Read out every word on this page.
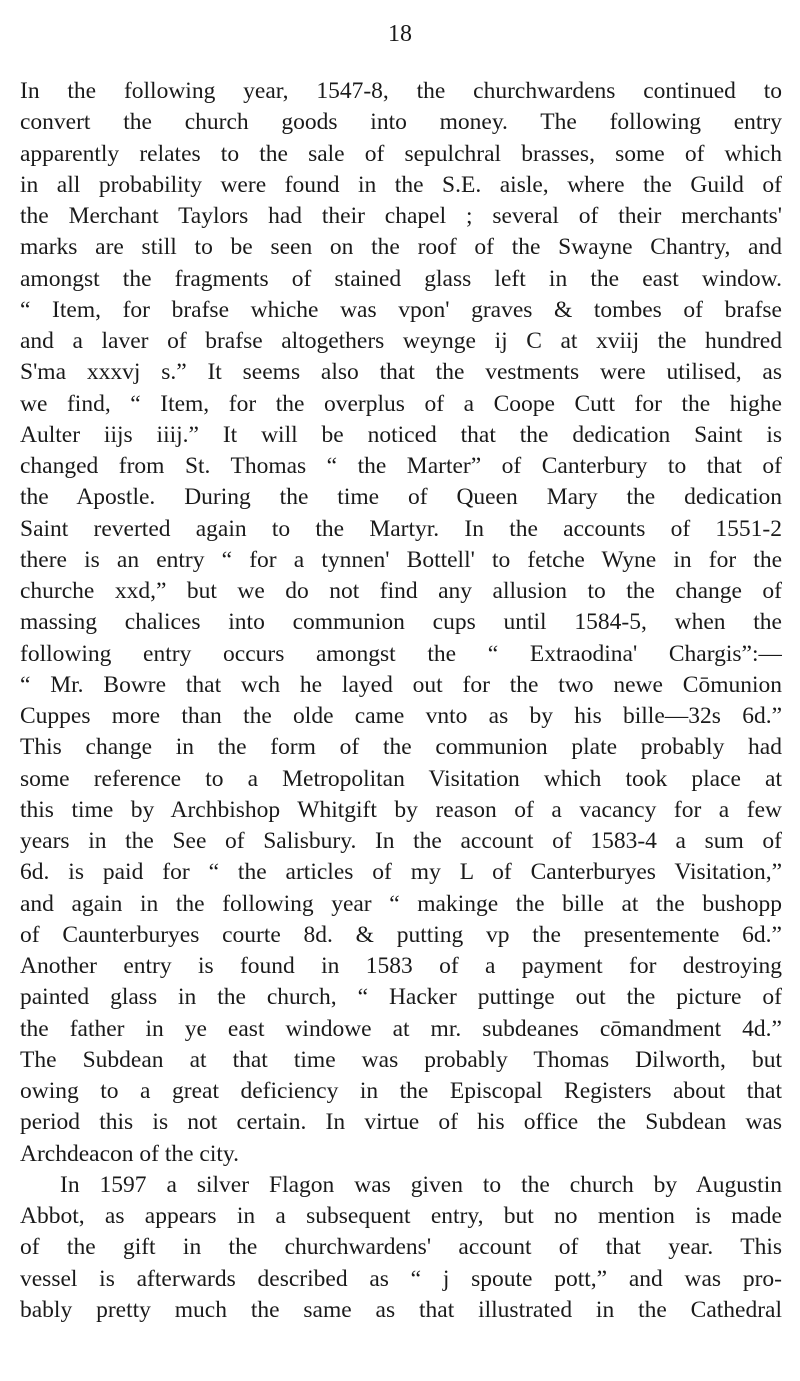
18
In the following year, 1547-8, the churchwardens continued to
convert the church goods into money. The following entry
apparently relates to the sale of sepulchral brasses, some of which
in all probability were found in the S.E. aisle, where the Guild of
the Merchant Taylors had their chapel ; several of their merchants'
marks are still to be seen on the roof of the Swayne Chantry, and
amongst the fragments of stained glass left in the east window.
“ Item, for brafse whiche was vpon' graves & tombes of brafse
and a laver of brafse altogethers weynge ij C at xviij the hundred
S'ma xxxvj s.” It seems also that the vestments were utilised, as
we find, “ Item, for the overplus of a Coope Cutt for the highe
Aulter iijs iiij.” It will be noticed that the dedication Saint is
changed from St. Thomas “ the Marter” of Canterbury to that of
the Apostle. During the time of Queen Mary the dedication
Saint reverted again to the Martyr. In the accounts of 1551-2
there is an entry “ for a tynnen' Bottell' to fetche Wyne in for the
churche xxd,” but we do not find any allusion to the change of
massing chalices into communion cups until 1584-5, when the
following entry occurs amongst the “ Extraodina' Chargis”:—
“ Mr. Bowre that wch he layed out for the two newe Cōmunion
Cuppes more than the olde came vnto as by his bille—32s 6d.”
This change in the form of the communion plate probably had
some reference to a Metropolitan Visitation which took place at
this time by Archbishop Whitgift by reason of a vacancy for a few
years in the See of Salisbury. In the account of 1583-4 a sum of
6d. is paid for “ the articles of my L of Canterburyes Visitation,”
and again in the following year “ makinge the bille at the bushopp
of Caunterburyes courte 8d. & putting vp the presentemente 6d.”
Another entry is found in 1583 of a payment for destroying
painted glass in the church, “ Hacker puttinge out the picture of
the father in ye east windowe at mr. subdeanes cōmandment 4d.”
The Subdean at that time was probably Thomas Dilworth, but
owing to a great deficiency in the Episcopal Registers about that
period this is not certain. In virtue of his office the Subdean was
Archdeacon of the city.
In 1597 a silver Flagon was given to the church by Augustin
Abbot, as appears in a subsequent entry, but no mention is made
of the gift in the churchwardens' account of that year. This
vessel is afterwards described as “ j spoute pott,” and was pro-
bably pretty much the same as that illustrated in the Cathedral
